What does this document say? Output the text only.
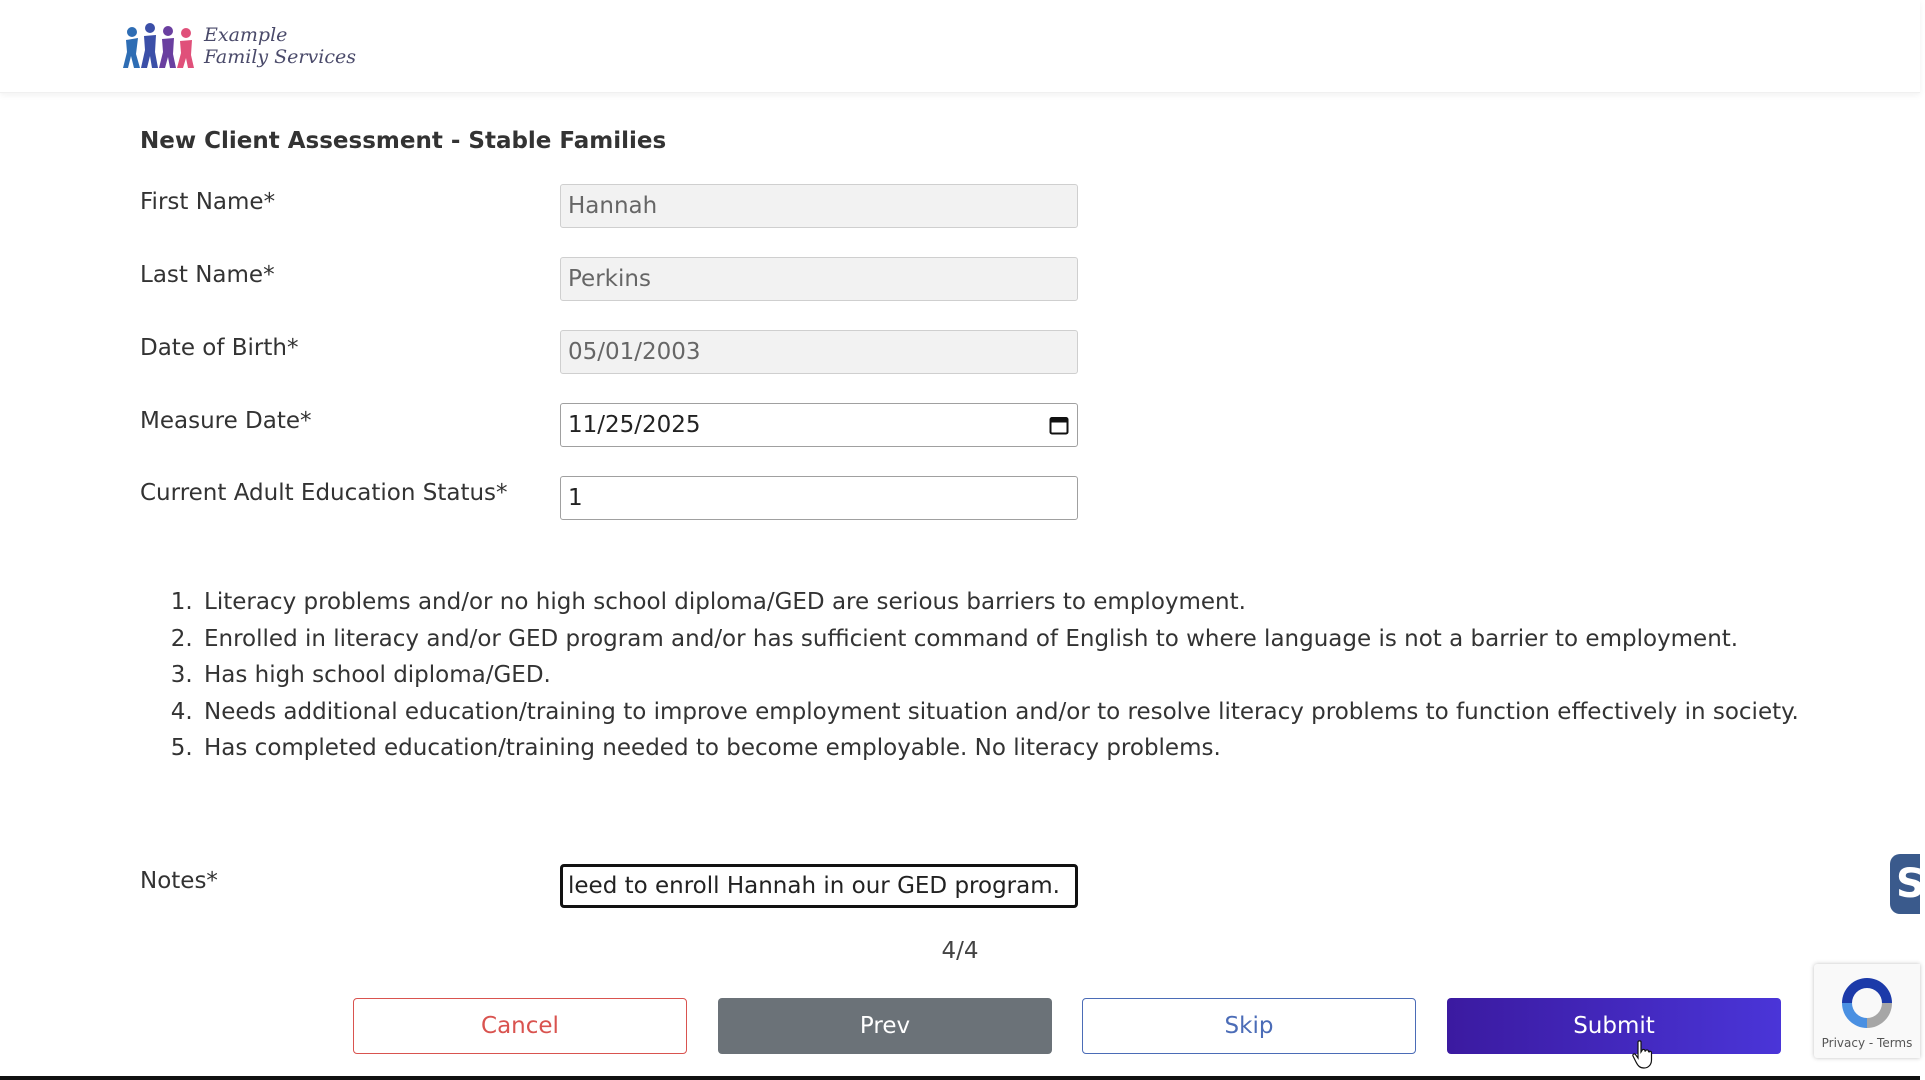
Example
Family Services
New Client Assessment - Stable Families
First Name*	Hannah
Last Name*	Perkins
Date of Birth*	05/01/2003
Measure Date*	11/25/2025
Current Adult Education Status*	1
1. Literacy problems and/or no high school diploma/GED are serious barriers to employment.
2. Enrolled in literacy and/or GED program and/or has sufficient command of English to where language is not a barrier to employment.
3. Has high school diploma/GED.
4. Needs additional education/training to improve employment situation and/or to resolve literacy problems to function effectively in society.
5. Has completed education/training needed to become employable. No literacy problems.
Notes*	leed to enroll Hannah in our GED program.
4/4
Cancel	Prev	Skip	Submit
S
Privacy - Terms
